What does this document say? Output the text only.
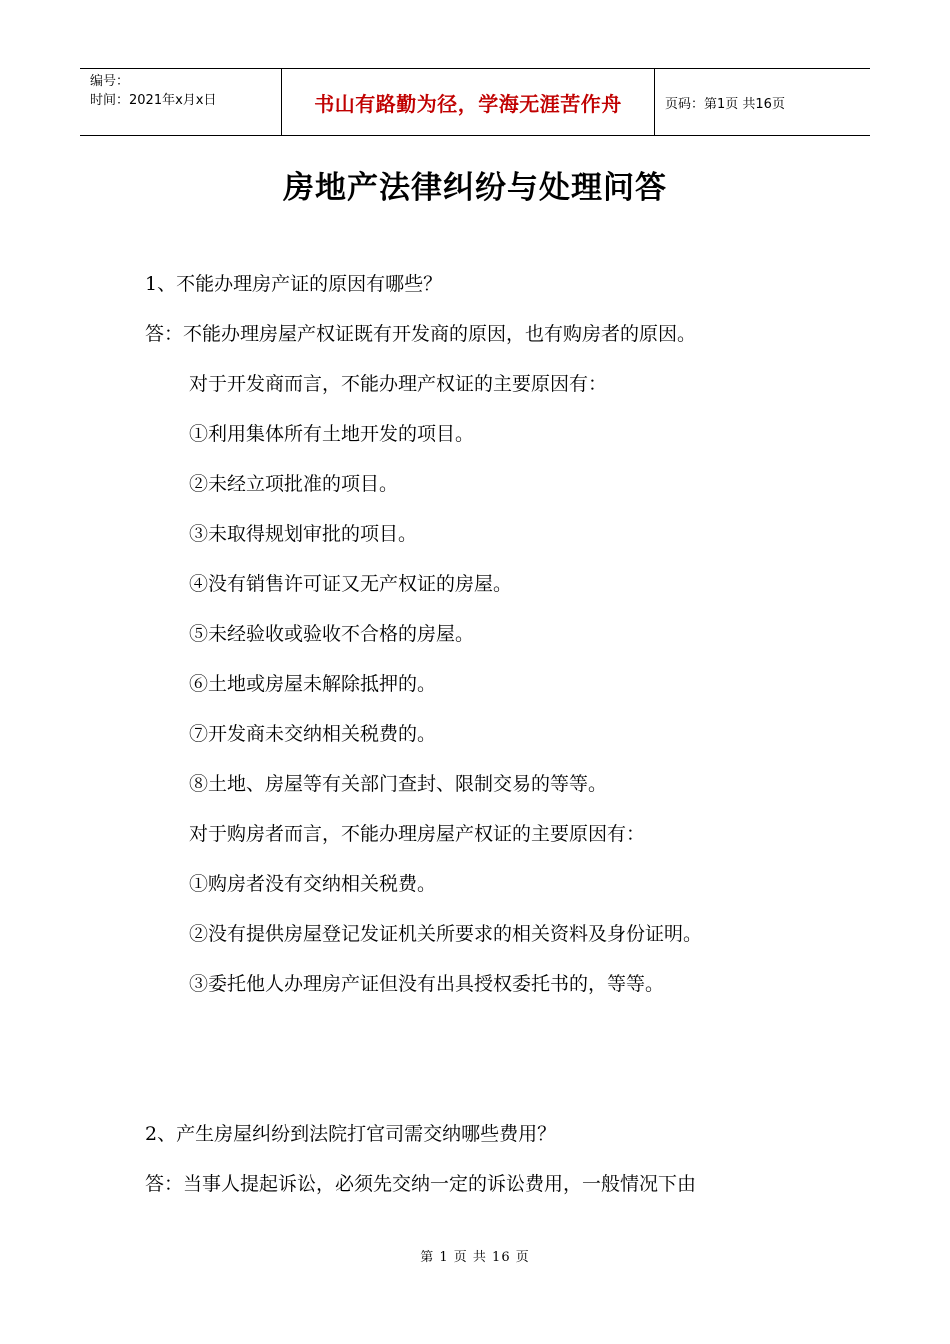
编号：
时间：2021年x月x日	书山有路勤为径，学海无涯苦作舟	页码：第1页 共16页
房地产法律纠纷与处理问答
1、不能办理房产证的原因有哪些？
答：不能办理房屋产权证既有开发商的原因，也有购房者的原因。
对于开发商而言，不能办理产权证的主要原因有：
①利用集体所有土地开发的项目。
②未经立项批准的项目。
③未取得规划审批的项目。
④没有销售许可证又无产权证的房屋。
⑤未经验收或验收不合格的房屋。
⑥土地或房屋未解除抵押的。
⑦开发商未交纳相关税费的。
⑧土地、房屋等有关部门查封、限制交易的等等。
对于购房者而言，不能办理房屋产权证的主要原因有：
①购房者没有交纳相关税费。
②没有提供房屋登记发证机关所要求的相关资料及身份证明。
③委托他人办理房产证但没有出具授权委托书的，等等。
2、产生房屋纠纷到法院打官司需交纳哪些费用？
答：当事人提起诉讼，必须先交纳一定的诉讼费用，一般情况下由
第 1 页 共 16 页
